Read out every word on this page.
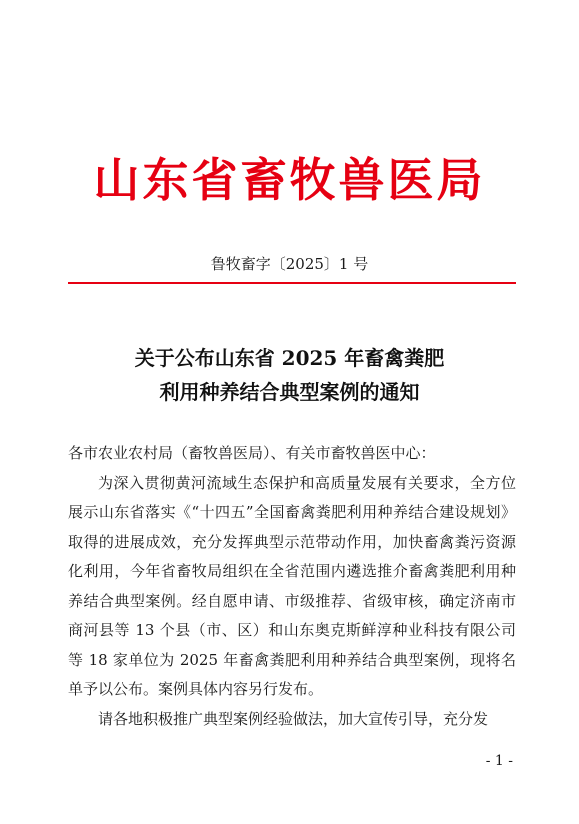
山东省畜牧兽医局
鲁牧畜字〔2025〕1 号
关于公布山东省 2025 年畜禽粪肥
利用种养结合典型案例的通知

各市农业农村局（畜牧兽医局）、有关市畜牧兽医中心：

为深入贯彻黄河流域生态保护和高质量发展有关要求，全方位展示山东省落实《“十四五”全国畜禽粪肥利用种养结合建设规划》取得的进展成效，充分发挥典型示范带动作用，加快畜禽粪污资源化利用，今年省畜牧局组织在全省范围内遴选推介畜禽粪肥利用种养结合典型案例。经自愿申请、市级推荐、省级审核，确定济南市商河县等 13 个县（市、区）和山东奥克斯鲜淳种业科技有限公司等 18 家单位为 2025 年畜禽粪肥利用种养结合典型案例，现将名单予以公布。案例具体内容另行发布。

请各地积极推广典型案例经验做法，加大宣传引导，充分发

- 1 -
